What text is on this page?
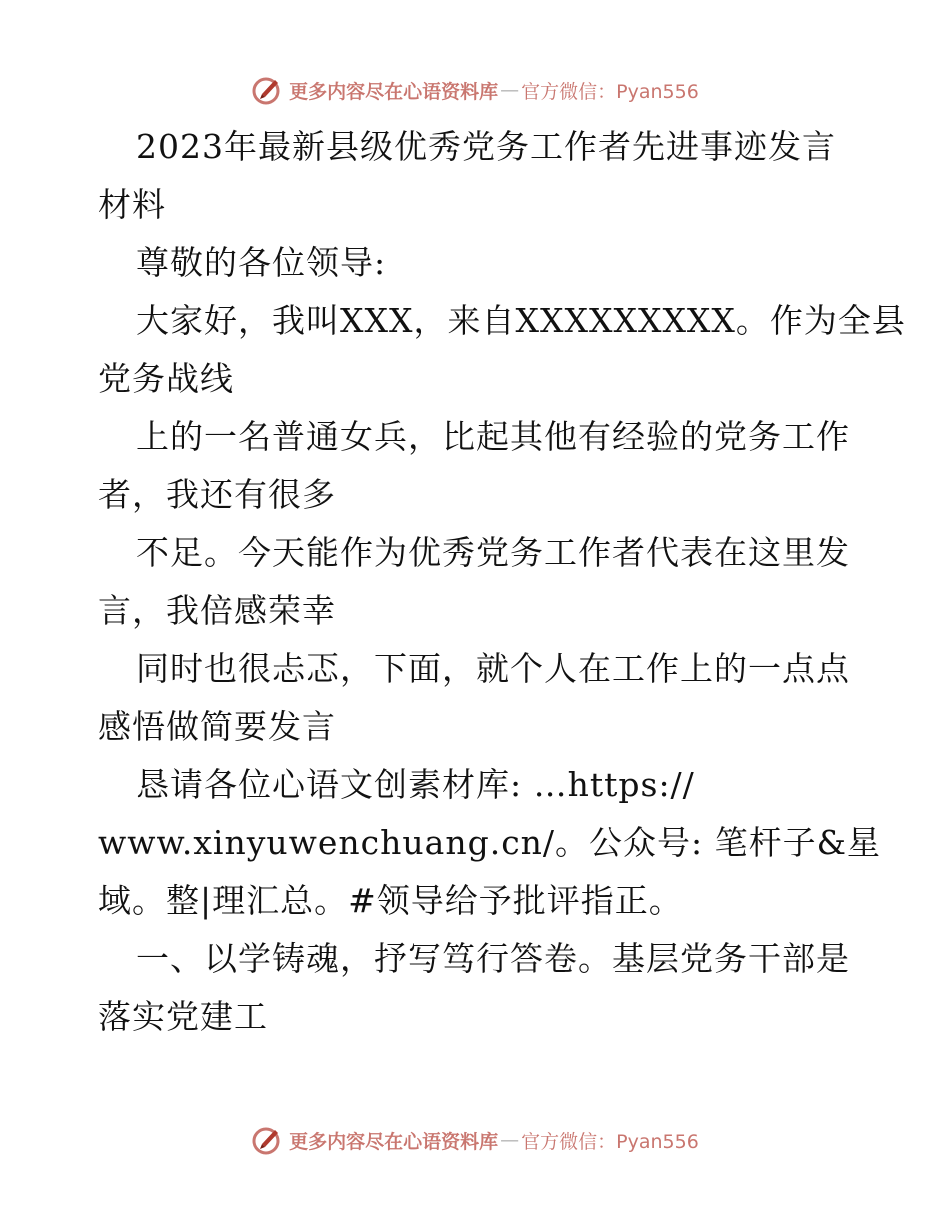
更多内容尽在心语资料库 — 官方微信：Pyan556
2023年最新县级优秀党务工作者先进事迹发言
材料
尊敬的各位领导:
大家好，我叫XXX，来自XXXXXXXXX。作为全县
党务战线
上的一名普通女兵，比起其他有经验的党务工作
者，我还有很多
不足。今天能作为优秀党务工作者代表在这里发
言，我倍感荣幸
同时也很忐忑，下面，就个人在工作上的一点点
感悟做简要发言
恳请各位心语文创素材库: …https://
www.xinyuwenchuang.cn/。公众号: 笔杆子&星
域。整|理汇总。#领导给予批评指正。
一、以学铸魂，抒写笃行答卷。基层党务干部是
落实党建工
更多内容尽在心语资料库 — 官方微信：Pyan556
